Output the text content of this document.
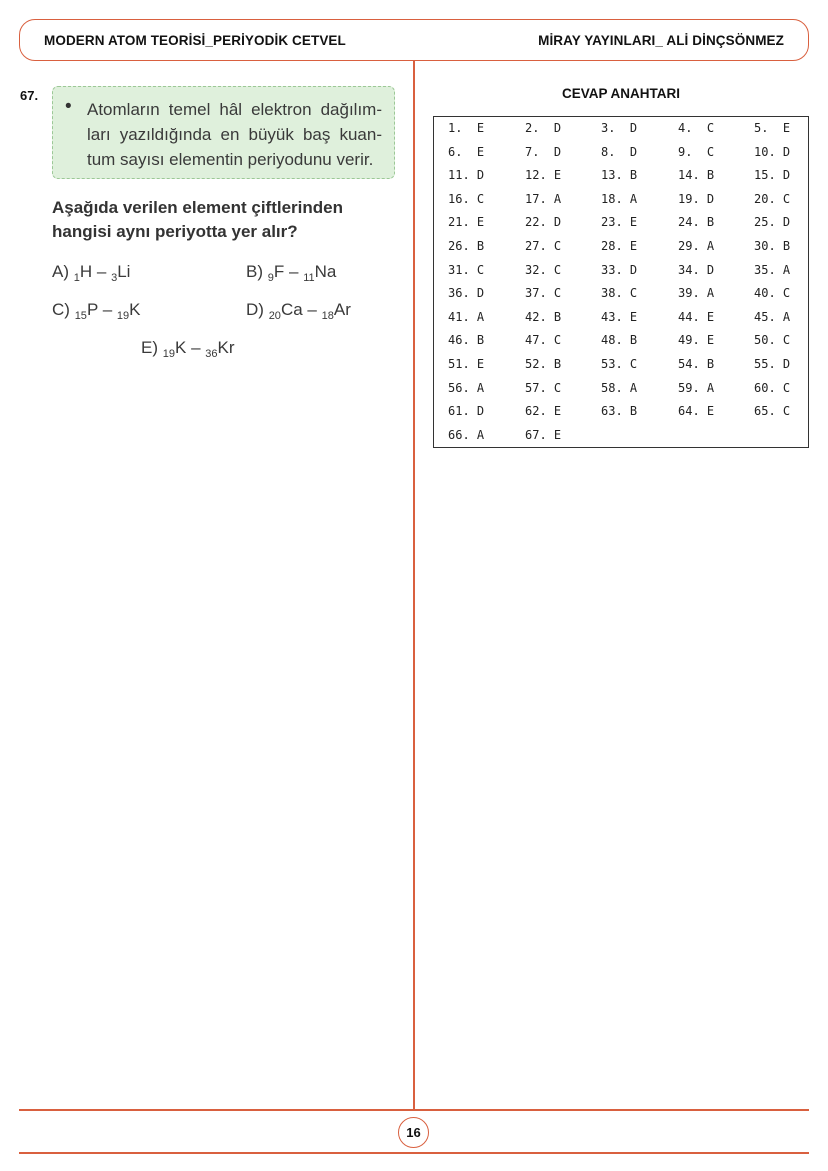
MODERN ATOM TEORİSİ_PERİYODİK CETVEL	MİRAY YAYINLARI_ ALİ DİNÇSÖNMEZ
67.
• Atomların temel hâl elektron dağılım-
ları yazıldığında en büyük baş kuan-
tum sayısı elementin periyodunu verir.
Aşağıda verilen element çiftlerinden hangisi aynı periyotta yer alır?
A) $_1$H – $_3$Li	B) $_9$F – $_{11}$Na
C) $_{15}$P – $_{19}$K	D) $_{20}$Ca – $_{18}$Ar
E) $_{19}$K – $_{36}$Kr
CEVAP ANAHTARI
1.  E	2.  D	3.  D	4.  C	5.  E
6.  E	7.  D	8.  D	9.  C	10. D
11. D	12. E	13. B	14. B	15. D
16. C	17. A	18. A	19. D	20. C
21. E	22. D	23. E	24. B	25. D
26. B	27. C	28. E	29. A	30. B
31. C	32. C	33. D	34. D	35. A
36. D	37. C	38. C	39. A	40. C
41. A	42. B	43. E	44. E	45. A
46. B	47. C	48. B	49. E	50. C
51. E	52. B	53. C	54. B	55. D
56. A	57. C	58. A	59. A	60. C
61. D	62. E	63. B	64. E	65. C
66. A	67. E
16
